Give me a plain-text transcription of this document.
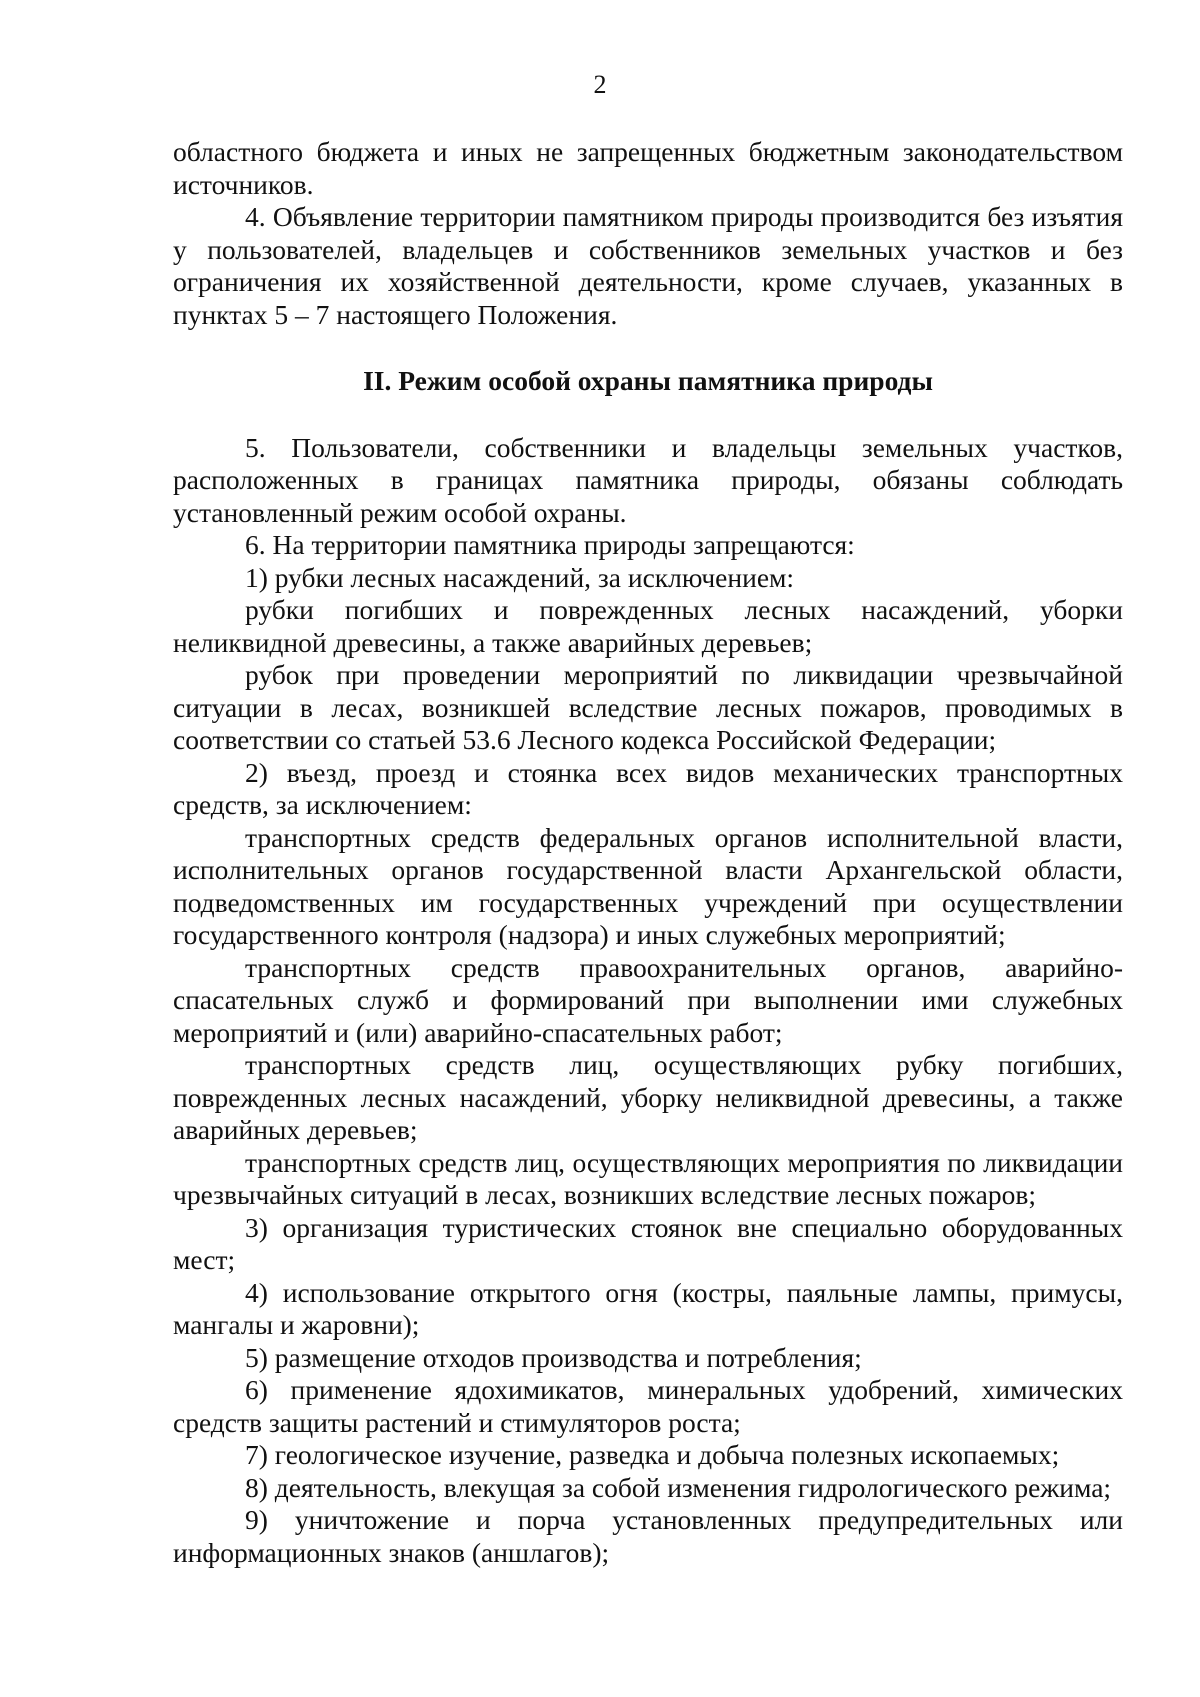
2

областного бюджета и иных не запрещенных бюджетным законодательством источников.

4. Объявление территории памятником природы производится без изъятия у пользователей, владельцев и собственников земельных участков и без ограничения их хозяйственной деятельности, кроме случаев, указанных в пунктах 5 – 7 настоящего Положения.

II. Режим особой охраны памятника природы

5. Пользователи, собственники и владельцы земельных участков, расположенных в границах памятника природы, обязаны соблюдать установленный режим особой охраны.

6. На территории памятника природы запрещаются:

1) рубки лесных насаждений, за исключением:

рубки погибших и поврежденных лесных насаждений, уборки неликвидной древесины, а также аварийных деревьев;

рубок при проведении мероприятий по ликвидации чрезвычайной ситуации в лесах, возникшей вследствие лесных пожаров, проводимых в соответствии со статьей 53.6 Лесного кодекса Российской Федерации;

2) въезд, проезд и стоянка всех видов механических транспортных средств, за исключением:

транспортных средств федеральных органов исполнительной власти, исполнительных органов государственной власти Архангельской области, подведомственных им государственных учреждений при осуществлении государственного контроля (надзора) и иных служебных мероприятий;

транспортных средств правоохранительных органов, аварийно-спасательных служб и формирований при выполнении ими служебных мероприятий и (или) аварийно-спасательных работ;

транспортных средств лиц, осуществляющих рубку погибших, поврежденных лесных насаждений, уборку неликвидной древесины, а также аварийных деревьев;

транспортных средств лиц, осуществляющих мероприятия по ликвидации чрезвычайных ситуаций в лесах, возникших вследствие лесных пожаров;

3) организация туристических стоянок вне специально оборудованных мест;

4) использование открытого огня (костры, паяльные лампы, примусы, мангалы и жаровни);

5) размещение отходов производства и потребления;

6) применение ядохимикатов, минеральных удобрений, химических средств защиты растений и стимуляторов роста;

7) геологическое изучение, разведка и добыча полезных ископаемых;

8) деятельность, влекущая за собой изменения гидрологического режима;

9) уничтожение и порча установленных предупредительных или информационных знаков (аншлагов);
